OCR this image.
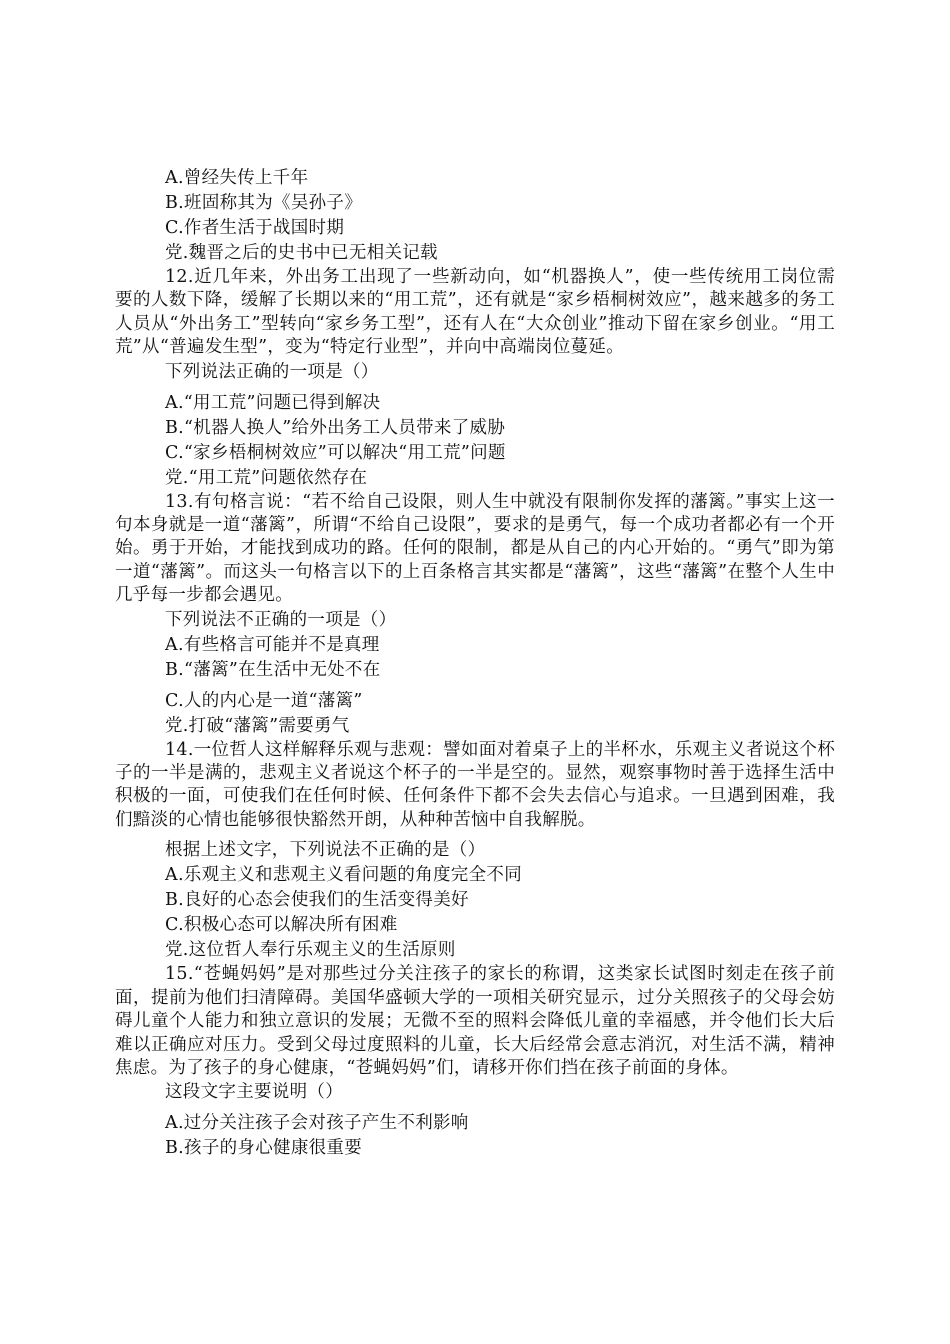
A.曾经失传上千年
B.班固称其为《吴孙子》
C.作者生活于战国时期
党.魏晋之后的史书中已无相关记载
12.近几年来，外出务工出现了一些新动向，如“机器换人”，使一些传统用工岗位需要的人数下降，缓解了长期以来的“用工荒”，还有就是“家乡梧桐树效应”，越来越多的务工人员从“外出务工”型转向“家乡务工型”，还有人在“大众创业”推动下留在家乡创业。“用工荒”从“普遍发生型”，变为“特定行业型”，并向中高端岗位蔓延。
下列说法正确的一项是（）
A.“用工荒”问题已得到解决
B.“机器人换人”给外出务工人员带来了威胁
C.“家乡梧桐树效应”可以解决“用工荒”问题
党.“用工荒”问题依然存在
13.有句格言说：“若不给自己设限，则人生中就没有限制你发挥的藩篱。”事实上这一句本身就是一道“藩篱”，所谓“不给自己设限”，要求的是勇气，每一个成功者都必有一个开始。勇于开始，才能找到成功的路。任何的限制，都是从自己的内心开始的。“勇气”即为第一道“藩篱”。而这头一句格言以下的上百条格言其实都是“藩篱”，这些“藩篱”在整个人生中几乎每一步都会遇见。
下列说法不正确的一项是（）
A.有些格言可能并不是真理
B.“藩篱”在生活中无处不在
C.人的内心是一道“藩篱”
党.打破“藩篱”需要勇气
14.一位哲人这样解释乐观与悲观：譬如面对着桌子上的半杯水，乐观主义者说这个杯子的一半是满的，悲观主义者说这个杯子的一半是空的。显然，观察事物时善于选择生活中积极的一面，可使我们在任何时候、任何条件下都不会失去信心与追求。一旦遇到困难，我们黯淡的心情也能够很快豁然开朗，从种种苦恼中自我解脱。
根据上述文字，下列说法不正确的是（）
A.乐观主义和悲观主义看问题的角度完全不同
B.良好的心态会使我们的生活变得美好
C.积极心态可以解决所有困难
党.这位哲人奉行乐观主义的生活原则
15.“苍蝇妈妈”是对那些过分关注孩子的家长的称谓，这类家长试图时刻走在孩子前面，提前为他们扫清障碍。美国华盛顿大学的一项相关研究显示，过分关照孩子的父母会妨碍儿童个人能力和独立意识的发展；无微不至的照料会降低儿童的幸福感，并令他们长大后难以正确应对压力。受到父母过度照料的儿童，长大后经常会意志消沉，对生活不满，精神焦虑。为了孩子的身心健康，“苍蝇妈妈”们，请移开你们挡在孩子前面的身体。
这段文字主要说明（）
A.过分关注孩子会对孩子产生不利影响
B.孩子的身心健康很重要
